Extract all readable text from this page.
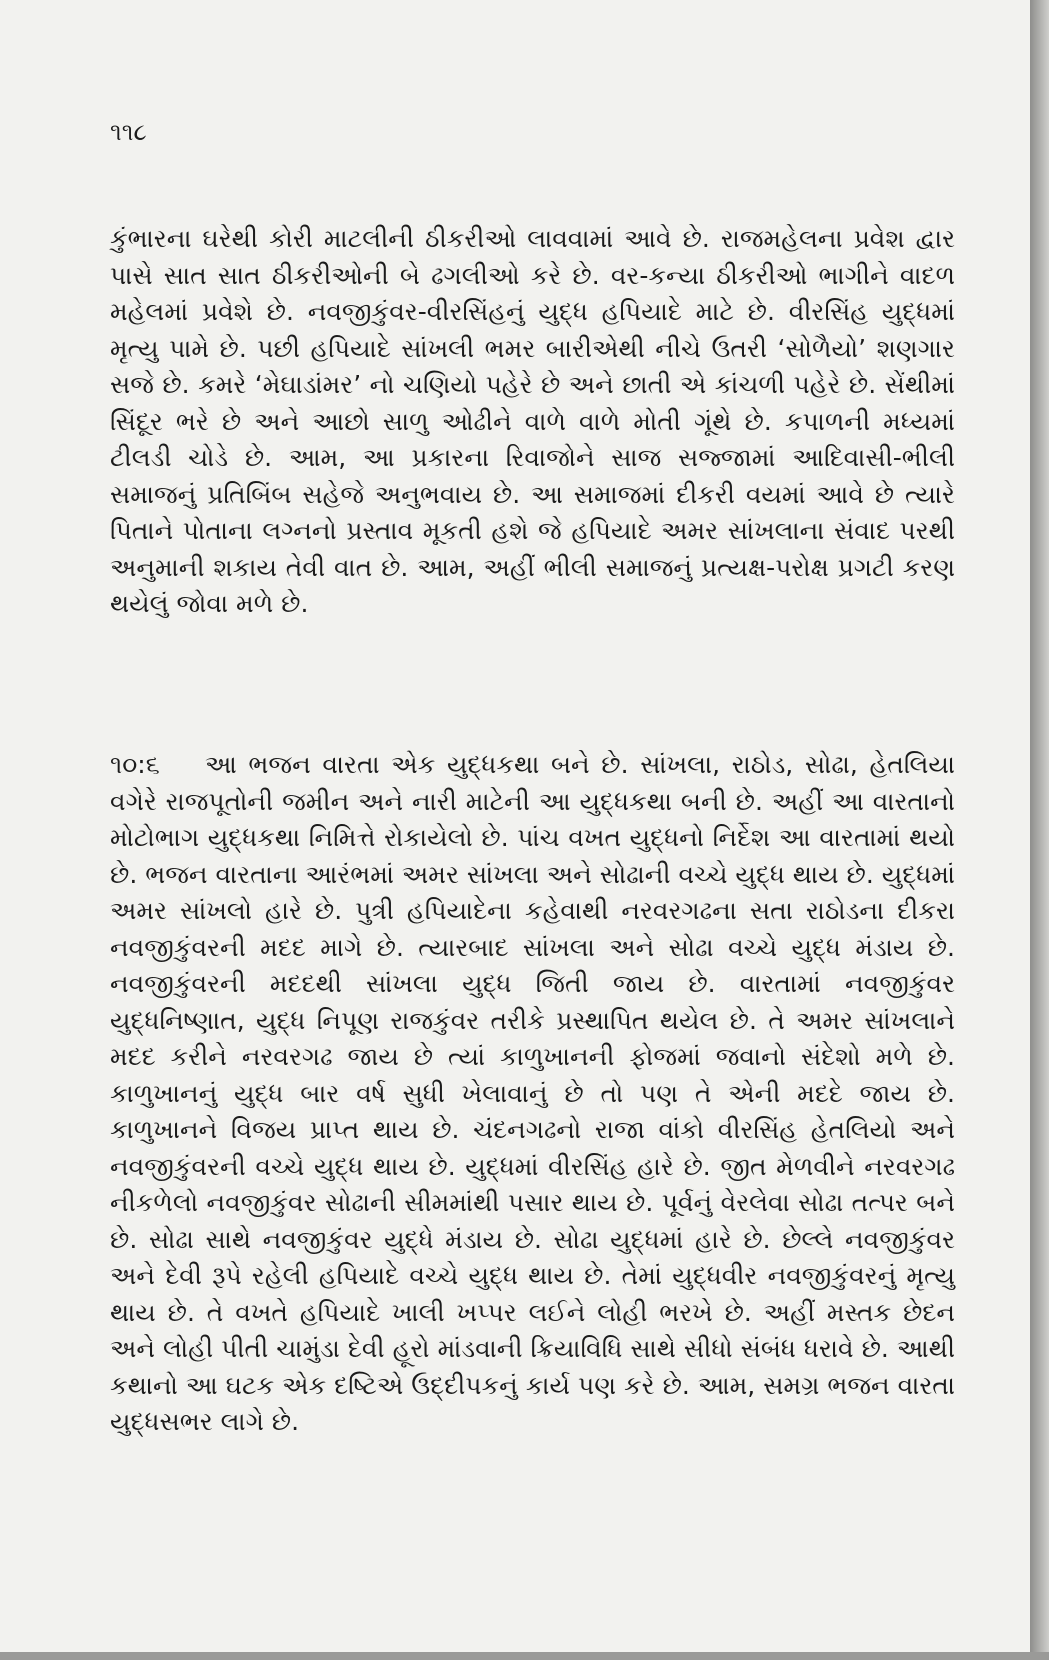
૧૧૮

કુંભારના ઘરેથી કોરી માટલીની ઠીકરીઓ લાવવામાં આવે છે. રાજમહેલના પ્રવેશ દ્વાર પાસે સાત સાત ઠીકરીઓની બે ઢગલીઓ કરે છે. વર-કન્યા ઠીકરીઓ ભાગીને વાદળ મહેલમાં પ્રવેશે છે. નવજીકુંવર-વીરસિંહનું યુદ્ધ હપિયાદે માટે છે. વીરસિંહ યુદ્ધમાં મૃત્યુ પામે છે. પછી હપિયાદે સાંખલી ભમર બારીએથી નીચે ઉતરી ‘સોળૈયો’ શણગાર સજે છે. કમરે ‘મેઘાડાંમર’ નો ચણિયો પહેરે છે અને છાતી એ કાંચળી પહેરે છે. સેંથીમાં સિંદૂર ભરે છે અને આછો સાળુ ઓઢીને વાળે વાળે મોતી ગૂંથે છે. કપાળની મધ્યમાં ટીલડી ચોડે છે. આમ, આ પ્રકારના રિવાજોને સાજ સજ્જામાં આદિવાસી-ભીલી સમાજનું પ્રતિબિંબ સહેજે અનુભવાય છે. આ સમાજમાં દીકરી વયમાં આવે છે ત્યારે પિતાને પોતાના લગ્નનો પ્રસ્તાવ મૂકતી હશે જે હપિયાદે અમર સાંખલાના સંવાદ પરથી અનુમાની શકાય તેવી વાત છે. આમ, અહીં ભીલી સમાજનું પ્રત્યક્ષ-પરોક્ષ પ્રગટી કરણ થયેલું જોવા મળે છે.

૧૦:૬ આ ભજન વારતા એક યુદ્ધકથા બને છે. સાંખલા, રાઠોડ, સોઢા, હેતલિયા વગેરે રાજપૂતોની જમીન અને નારી માટેની આ યુદ્ધકથા બની છે. અહીં આ વારતાનો મોટોભાગ યુદ્ધકથા નિમિત્તે રોકાયેલો છે. પાંચ વખત યુદ્ધનો નિર્દેશ આ વારતામાં થયો છે. ભજન વારતાના આરંભમાં અમર સાંખલા અને સોઢાની વચ્ચે યુદ્ધ થાય છે. યુદ્ધમાં અમર સાંખલો હારે છે. પુત્રી હપિયાદેના કહેવાથી નરવરગઢના સતા રાઠોડના દીકરા નવજીકુંવરની મદદ માગે છે. ત્યારબાદ સાંખલા અને સોઢા વચ્ચે યુદ્ધ મંડાય છે. નવજીકુંવરની મદદથી સાંખલા યુદ્ધ જિતી જાય છે. વારતામાં નવજીકુંવર યુદ્ધનિષ્ણાત, યુદ્ધ નિપૂણ રાજકુંવર તરીકે પ્રસ્થાપિત થયેલ છે. તે અમર સાંખલાને મદદ કરીને નરવરગઢ જાય છે ત્યાં કાળુખાનની ફોજમાં જવાનો સંદેશો મળે છે. કાળુખાનનું યુદ્ધ બાર વર્ષ સુધી ખેલાવાનું છે તો પણ તે એની મદદે જાય છે. કાળુખાનને વિજય પ્રાપ્ત થાય છે. ચંદનગઢનો રાજા વાંકો વીરસિંહ હેતલિયો અને નવજીકુંવરની વચ્ચે યુદ્ધ થાય છે. યુદ્ધમાં વીરસિંહ હારે છે. જીત મેળવીને નરવરગઢ નીકળેલો નવજીકુંવર સોઢાની સીમમાંથી પસાર થાય છે. પૂર્વનું વેરલેવા સોઢા તત્પર બને છે. સોઢા સાથે નવજીકુંવર યુદ્ધે મંડાય છે. સોઢા યુદ્ધમાં હારે છે. છેલ્લે નવજીકુંવર અને દેવી રૂપે રહેલી હપિયાદે વચ્ચે યુદ્ધ થાય છે. તેમાં યુદ્ધવીર નવજીકુંવરનું મૃત્યુ થાય છે. તે વખતે હપિયાદે ખાલી ખપ્પર લઈને લોહી ભરખે છે. અહીં મસ્તક છેદન અને લોહી પીતી ચામુંડા દેવી હૂરો માંડવાની ક્રિયાવિધિ સાથે સીધો સંબંધ ધરાવે છે. આથી કથાનો આ ઘટક એક દષ્ટિએ ઉદ્દીપકનું કાર્ય પણ કરે છે. આમ, સમગ્ર ભજન વારતા યુદ્ધસભર લાગે છે.
